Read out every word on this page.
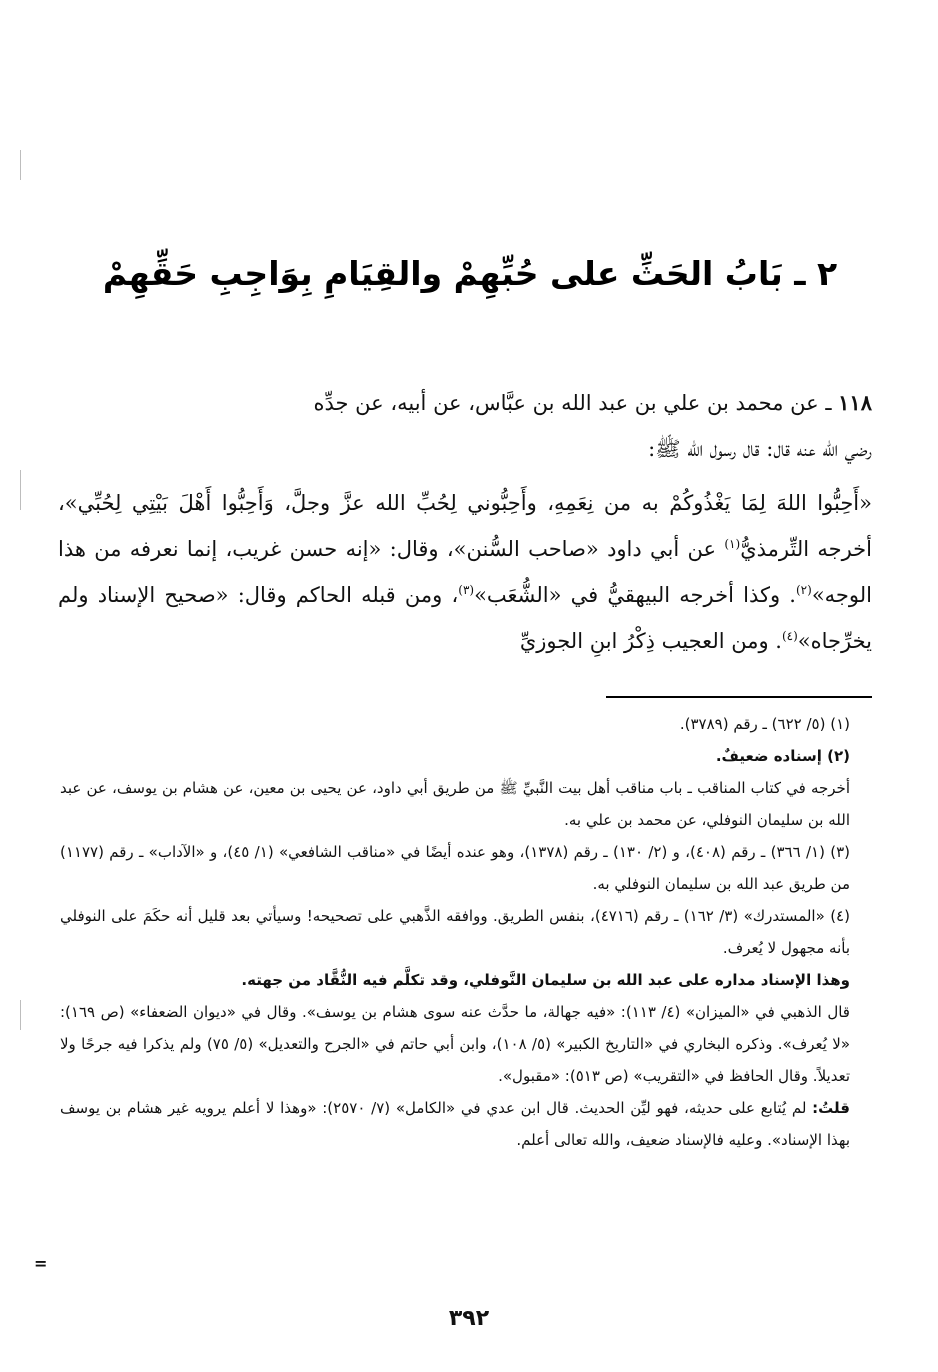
٢ ـ بَابُ الحَثِّ على حُبِّهِمْ والقِيَامِ بِوَاجِبِ حَقِّهِمْ

١١٨ ـ عن محمد بن علي بن عبد الله بن عبَّاس، عن أبيه، عن جدِّه

رضي الله عنه قال: قال رسول الله ﷺ:

«أَحِبُّوا اللهَ لِمَا يَغْذُوكُمْ به من نِعَمِهِ، وأَحِبُّوني لِحُبِّ الله عزَّ وجلَّ، وَأَحِبُّوا أَهْلَ بَيْتِي لِحُبِّي»، أخرجه التِّرمذيُّ$^{(١)}$ عن أبي داود «صاحب السُّنن»، وقال: «إنه حسن غريب، إنما نعرفه من هذا الوجه»$^{(٢)}$. وكذا أخرجه البيهقيُّ في «الشُّعَب»$^{(٣)}$، ومن قبله الحاكم وقال: «صحيح الإسناد ولم يخرِّجاه»$^{(٤)}$. ومن العجيب ذِكْرُ ابنِ الجوزيِّ

(١) (٥/ ٦٢٢) ـ رقم (٣٧٨٩).

(٢) إسناده ضعيفٌ.

أخرجه في كتاب المناقب ـ باب مناقب أهل بيت النَّبيِّ ﷺ من طريق أبي داود، عن يحيى بن معين، عن هشام بن يوسف، عن عبد الله بن سليمان النوفلي، عن محمد بن علي به.

(٣) (١/ ٣٦٦) ـ رقم (٤٠٨)، و (٢/ ١٣٠) ـ رقم (١٣٧٨)، وهو عنده أيضًا في «مناقب الشافعي» (١/ ٤٥)، و «الآداب» ـ رقم (١١٧٧) من طريق عبد الله بن سليمان النوفلي به.

(٤) «المستدرك» (٣/ ١٦٢) ـ رقم (٤٧١٦)، بنفس الطريق. ووافقه الذَّهبي على تصحيحه! وسيأتي بعد قليل أنه حكَمَ على النوفلي بأنه مجهول لا يُعرف.

وهذا الإسناد مداره على عبد الله بن سليمان النَّوفلي، وقد تكلَّم فيه النُّقَّاد من جهته.

قال الذهبي في «الميزان» (٤/ ١١٣): «فيه جهالة، ما حدَّث عنه سوى هشام بن يوسف». وقال في «ديوان الضعفاء» (ص ١٦٩): «لا يُعرف». وذكره البخاري في «التاريخ الكبير» (٥/ ١٠٨)، وابن أبي حاتم في «الجرح والتعديل» (٥/ ٧٥) ولم يذكرا فيه جرحًا ولا تعديلاً. وقال الحافظ في «التقريب» (ص ٥١٣): «مقبول».

قلتُ: لم يُتابع على حديثه، فهو ليِّن الحديث. قال ابن عدي في «الكامل» (٧/ ٢٥٧٠): «وهذا لا أعلم يرويه غير هشام بن يوسف بهذا الإسناد». وعليه فالإسناد ضعيف، والله تعالى أعلم.

=
٣٩٢
